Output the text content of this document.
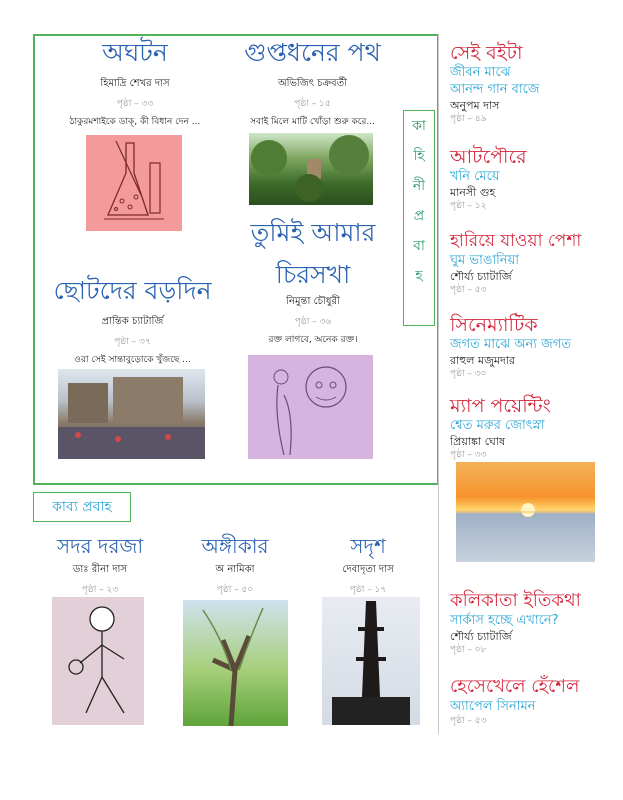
কা
হি
নী
প্র
বা
হ
অঘটন
হিমাদ্রি শেখর দাস
পৃষ্ঠা – ৩৩
ঠাকুরমশাইকে ডাক্‌, কী বিধান দেন ...
গুপ্তধনের পথ
অভিজিৎ চক্রবর্তী
পৃষ্ঠা – ১৫
সবাই মিলে মাটি খোঁড়া শুরু করে...
তুমিই আমার
চিরসখা
নিমুন্তা চৌধুরী
পৃষ্ঠা – ৩৬
রক্ত লাগবে, অনেক রক্ত।
ছোটদের বড়দিন
প্রান্তিক চ্যাটার্জি
পৃষ্ঠা – ৩৭
ওরা সেই সান্তাবুড়োকে খুঁজছে ...
কাব্য প্রবাহ
সদর দরজা
ডাঃ রীনা দাস
পৃষ্ঠা – ২৩
অঙ্গীকার
অ নামিকা
পৃষ্ঠা – ৫০
সদৃশ
দেবাদৃতা দাস
পৃষ্ঠা – ১৭
সেই বইটা
জীবন মাঝে
আনন্দ গান বাজে
অনুপম দাস
পৃষ্ঠা – ৪৯
আটপৌরে
খনি মেয়ে
মানসী গুহ
পৃষ্ঠা – ১২
হারিয়ে যাওয়া পেশা
ঘুম ভাঙানিয়া
শৌর্য্য চ্যাটার্জি
পৃষ্ঠা – ৫৩
সিনেম্যাটিক
জগত মাঝে অন্য জগত
রাহুল মজুমদার
পৃষ্ঠা – ৩০
ম্যাপ পয়েন্টিং
শ্বেত মরুর জোৎস্না
প্রিয়াঙ্কা ঘোষ
পৃষ্ঠা – ৩৩
কলিকাতা ইতিকথা
সার্কাস হচ্ছে এখানে?
শৌর্য্য চ্যাটার্জি
পৃষ্ঠা – ০৮
হেসেখেলে হেঁশেল
অ্যাপেল সিনামন
পৃষ্ঠা – ৫৩
